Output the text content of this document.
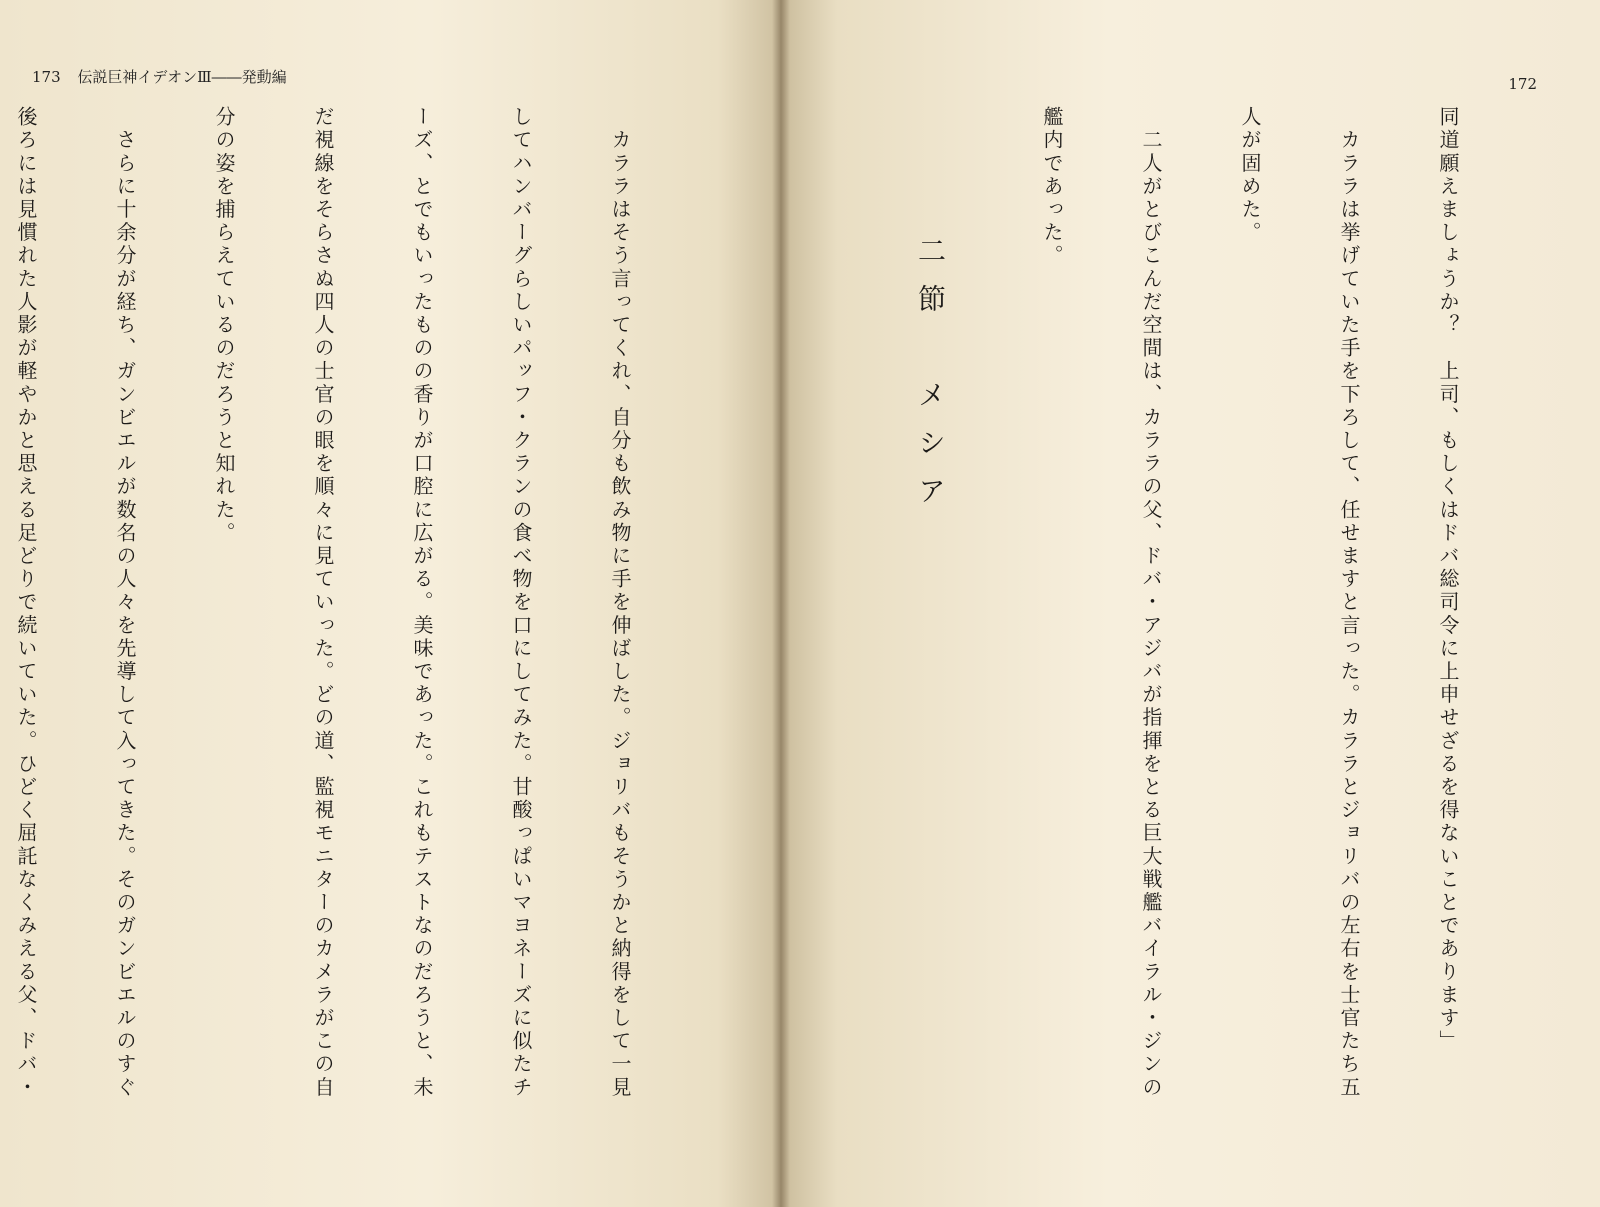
173 伝説巨神イデオンⅢ――発動編

　カララはそう言ってくれ、自分も飲み物に手を伸ばした。ジョリバもそうかと納得をして一見

してハンバーグらしいパッフ・クランの食べ物を口にしてみた。甘酸っぱいマヨネーズに似たチ

ーズ、とでもいったものの香りが口腔に広がる。美味であった。これもテストなのだろうと、未

だ視線をそらさぬ四人の士官の眼を順々に見ていった。どの道、監視モニターのカメラがこの自

分の姿を捕らえているのだろうと知れた。

　さらに十余分が経ち、ガンビエルが数名の人々を先導して入ってきた。そのガンビエルのすぐ

後ろには見慣れた人影が軽やかと思える足どりで続いていた。ひどく屈託なくみえる父、ドバ・

172

同道願えましょうか？　上司、もしくはドバ総司令に上申せざるを得ないことであります」

　カララは挙げていた手を下ろして、任せますと言った。カララとジョリバの左右を士官たち五

人が固めた。

　二人がとびこんだ空間は、カララの父、ドバ・アジバが指揮をとる巨大戦艦バイラル・ジンの

艦内であった。

二節　メシア
